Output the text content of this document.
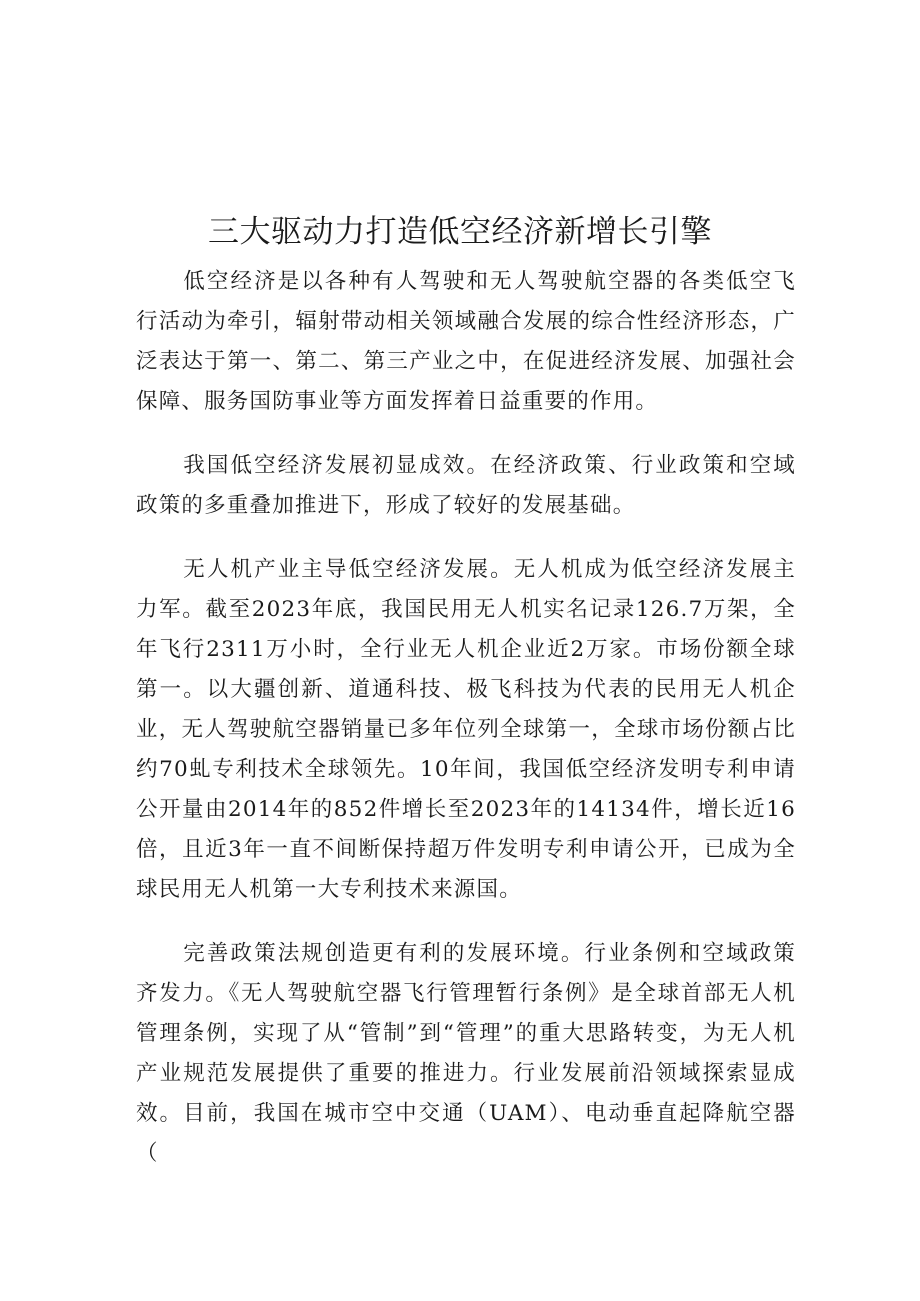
三大驱动力打造低空经济新增长引擎

低空经济是以各种有人驾驶和无人驾驶航空器的各类低空飞行活动为牵引，辐射带动相关领域融合发展的综合性经济形态，广泛表达于第一、第二、第三产业之中，在促进经济发展、加强社会保障、服务国防事业等方面发挥着日益重要的作用。

我国低空经济发展初显成效。在经济政策、行业政策和空域政策的多重叠加推进下，形成了较好的发展基础。

无人机产业主导低空经济发展。无人机成为低空经济发展主力军。截至2023年底，我国民用无人机实名记录126.7万架，全年飞行2311万小时，全行业无人机企业近2万家。市场份额全球第一。以大疆创新、道通科技、极飞科技为代表的民用无人机企业，无人驾驶航空器销量已多年位列全球第一，全球市场份额占比约70虬专利技术全球领先。10年间，我国低空经济发明专利申请公开量由2014年的852件增长至2023年的14134件，增长近16倍，且近3年一直不间断保持超万件发明专利申请公开，已成为全球民用无人机第一大专利技术来源国。

完善政策法规创造更有利的发展环境。行业条例和空域政策齐发力。《无人驾驶航空器飞行管理暂行条例》是全球首部无人机管理条例，实现了从“管制”到“管理”的重大思路转变，为无人机产业规范发展提供了重要的推进力。行业发展前沿领域探索显成效。目前，我国在城市空中交通（UAM）、电动垂直起降航空器（
